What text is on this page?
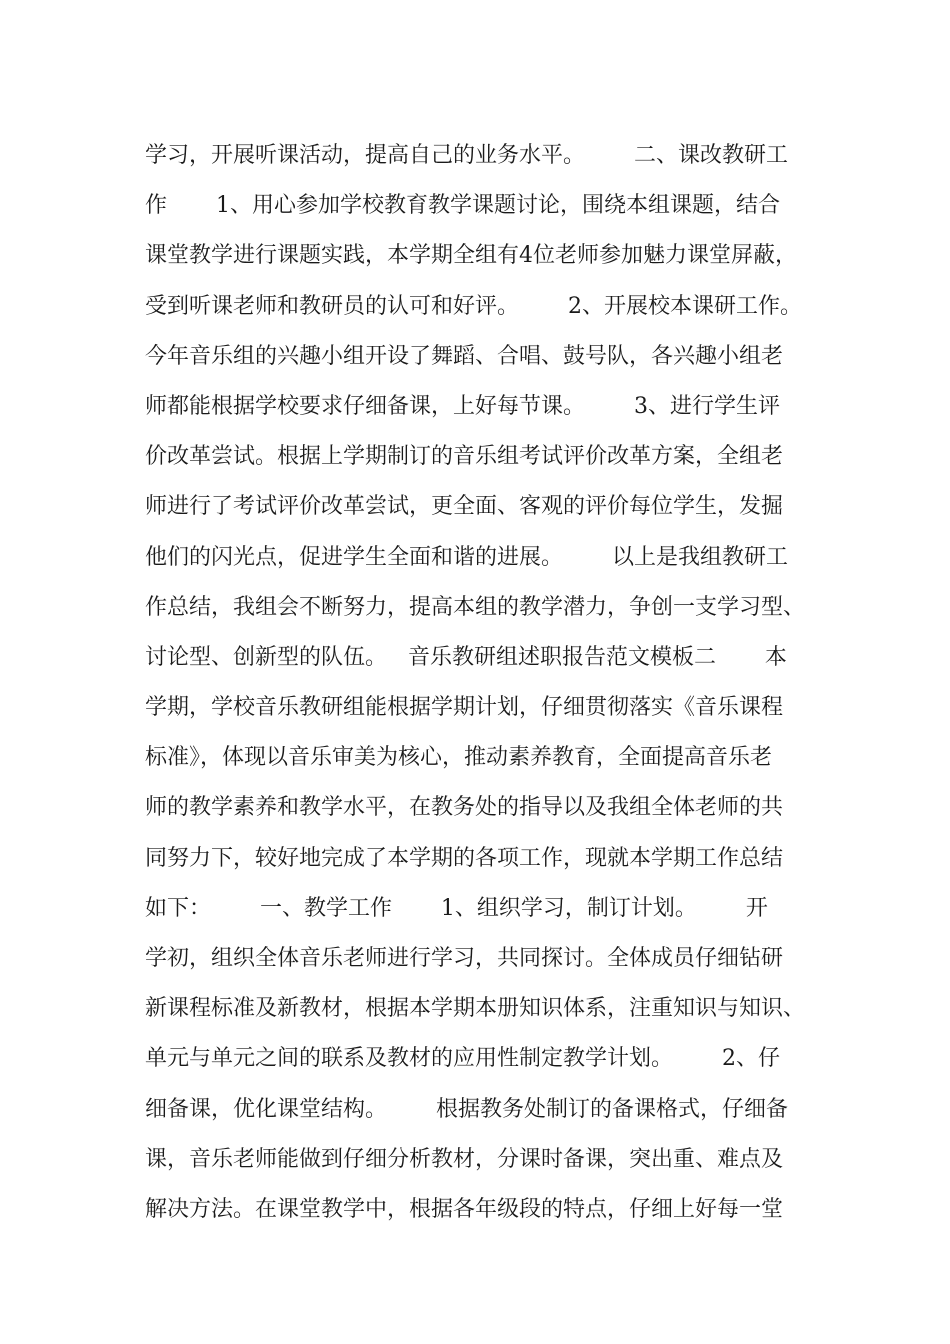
学习，开展听课活动，提高自己的业务水平。       二、课改教研工
作       1、用心参加学校教育教学课题讨论，围绕本组课题，结合
课堂教学进行课题实践，本学期全组有4位老师参加魅力课堂屏蔽，
受到听课老师和教研员的认可和好评。       2、开展校本课研工作。
今年音乐组的兴趣小组开设了舞蹈、合唱、鼓号队，各兴趣小组老
师都能根据学校要求仔细备课，上好每节课。       3、进行学生评
价改革尝试。根据上学期制订的音乐组考试评价改革方案，全组老
师进行了考试评价改革尝试，更全面、客观的评价每位学生，发掘
他们的闪光点，促进学生全面和谐的进展。       以上是我组教研工
作总结，我组会不断努力，提高本组的教学潜力，争创一支学习型、
讨论型、创新型的队伍。   音乐教研组述职报告范文模板二       本
学期，学校音乐教研组能根据学期计划，仔细贯彻落实《音乐课程
标准》，体现以音乐审美为核心，推动素养教育，全面提高音乐老
师的教学素养和教学水平，在教务处的指导以及我组全体老师的共
同努力下，较好地完成了本学期的各项工作，现就本学期工作总结
如下：       一、教学工作       1、组织学习，制订计划。       开
学初，组织全体音乐老师进行学习，共同探讨。全体成员仔细钻研
新课程标准及新教材，根据本学期本册知识体系，注重知识与知识、
单元与单元之间的联系及教材的应用性制定教学计划。       2、仔
细备课，优化课堂结构。       根据教务处制订的备课格式，仔细备
课，音乐老师能做到仔细分析教材，分课时备课，突出重、难点及
解决方法。在课堂教学中，根据各年级段的特点，仔细上好每一堂
